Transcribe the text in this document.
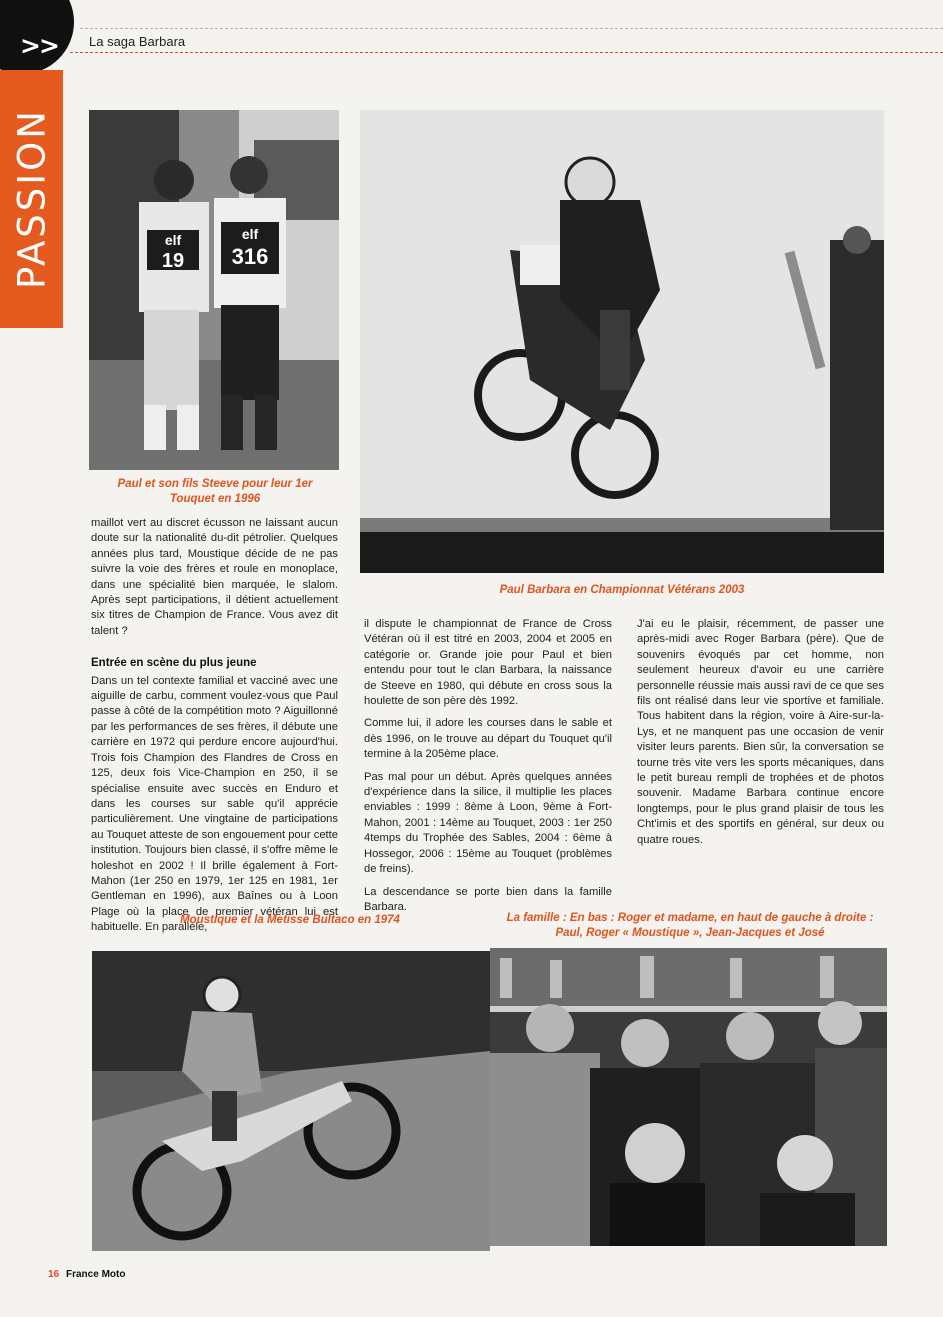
>>
PASSION
La saga Barbara
elf
19
elf
316
Paul et son fils Steeve pour leur 1er Touquet en 1996
Paul Barbara en Championnat Vétérans 2003

maillot vert au discret écusson ne laissant aucun doute sur la nationalité du-dit pétrolier. Quelques années plus tard, Moustique décide de ne pas suivre la voie des frères et roule en monoplace, dans une spécialité bien marquée, le slalom. Après sept participations, il détient actuellement six titres de Champion de France. Vous avez dit talent ?

Entrée en scène du plus jeune

Dans un tel contexte familial et vacciné avec une aiguille de carbu, comment voulez-vous que Paul passe à côté de la compétition moto ? Aiguillonné par les performances de ses frères, il débute une carrière en 1972 qui perdure encore aujourd'hui. Trois fois Champion des Flandres de Cross en 125, deux fois Vice-Champion en 250, il se spécialise ensuite avec succès en Enduro et dans les courses sur sable qu'il apprécie particulièrement. Une vingtaine de participations au Touquet atteste de son engouement pour cette institution. Toujours bien classé, il s'offre même le holeshot en 2002 ! Il brille également à Fort-Mahon (1er 250 en 1979, 1er 125 en 1981, 1er Gentleman en 1996), aux Baînes ou à Loon Plage où la place de premier vétéran lui est habituelle. En parallèle,

il dispute le championnat de France de Cross Vétéran où il est titré en 2003, 2004 et 2005 en catégorie or. Grande joie pour Paul et bien entendu pour tout le clan Barbara, la naissance de Steeve en 1980, qui débute en cross sous la houlette de son père dès 1992.

Comme lui, il adore les courses dans le sable et dès 1996, on le trouve au départ du Touquet qu'il termine à la 205ème place.

Pas mal pour un début. Après quelques années d'expérience dans la silice, il multiplie les places enviables : 1999 : 8ème à Loon, 9ème à Fort-Mahon, 2001 : 14ème au Touquet, 2003 : 1er 250 4temps du Trophée des Sables, 2004 : 6ème à Hossegor, 2006 : 15ème au Touquet (problèmes de freins).

La descendance se porte bien dans la famille Barbara.

J'ai eu le plaisir, récemment, de passer une après-midi avec Roger Barbara (père). Que de souvenirs évoqués par cet homme, non seulement heureux d'avoir eu une carrière personnelle réussie mais aussi ravi de ce que ses fils ont réalisé dans leur vie sportive et familiale. Tous habitent dans la région, voire à Aire-sur-la-Lys, et ne manquent pas une occasion de venir visiter leurs parents. Bien sûr, la conversation se tourne très vite vers les sports mécaniques, dans le petit bureau rempli de trophées et de photos souvenir. Madame Barbara continue encore longtemps, pour le plus grand plaisir de tous les Cht'imis et des sportifs en général, sur deux ou quatre roues.

Moustique et la Metisse Bultaco en 1974	La famille : En bas : Roger et madame, en haut de gauche à droite :
Paul, Roger « Moustique », Jean-Jacques et José
16 France Moto
